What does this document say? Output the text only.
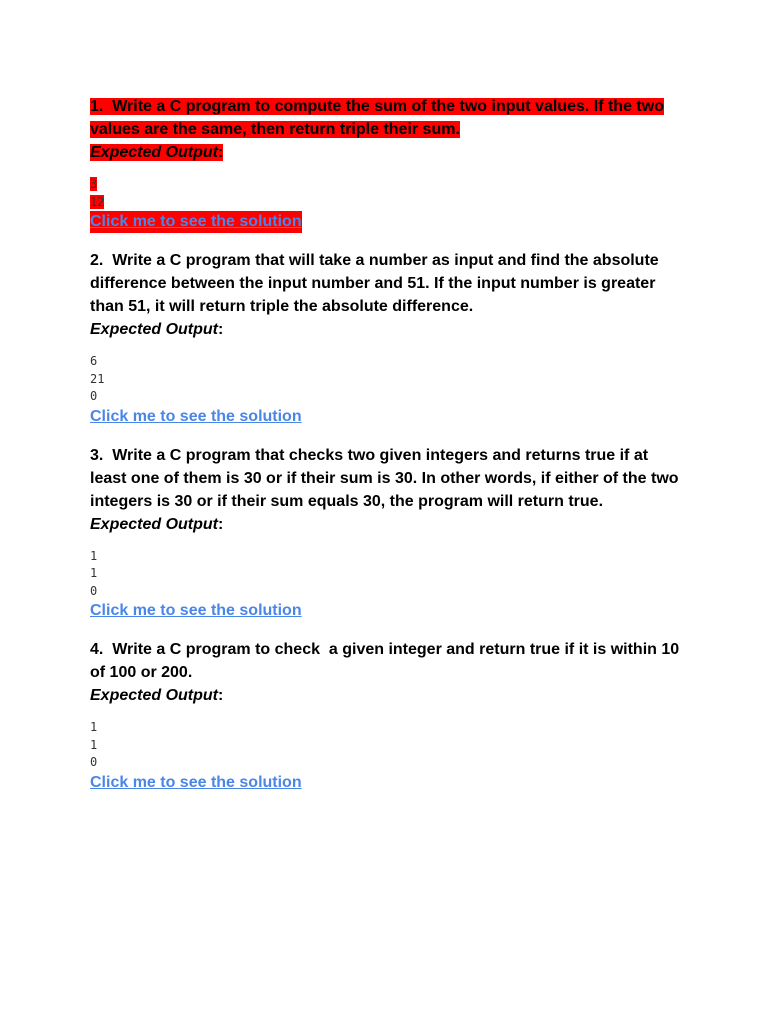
1. Write a C program to compute the sum of the two input values. If the two values are the same, then return triple their sum.

Expected Output:

3
12
Click me to see the solution

2. Write a C program that will take a number as input and find the absolute difference between the input number and 51. If the input number is greater than 51, it will return triple the absolute difference.

Expected Output:

6
21
0
Click me to see the solution

3. Write a C program that checks two given integers and returns true if at least one of them is 30 or if their sum is 30. In other words, if either of the two integers is 30 or if their sum equals 30, the program will return true.

Expected Output:

1
1
0
Click me to see the solution

4. Write a C program to check  a given integer and return true if it is within 10 of 100 or 200.

Expected Output:

1
1
0
Click me to see the solution
